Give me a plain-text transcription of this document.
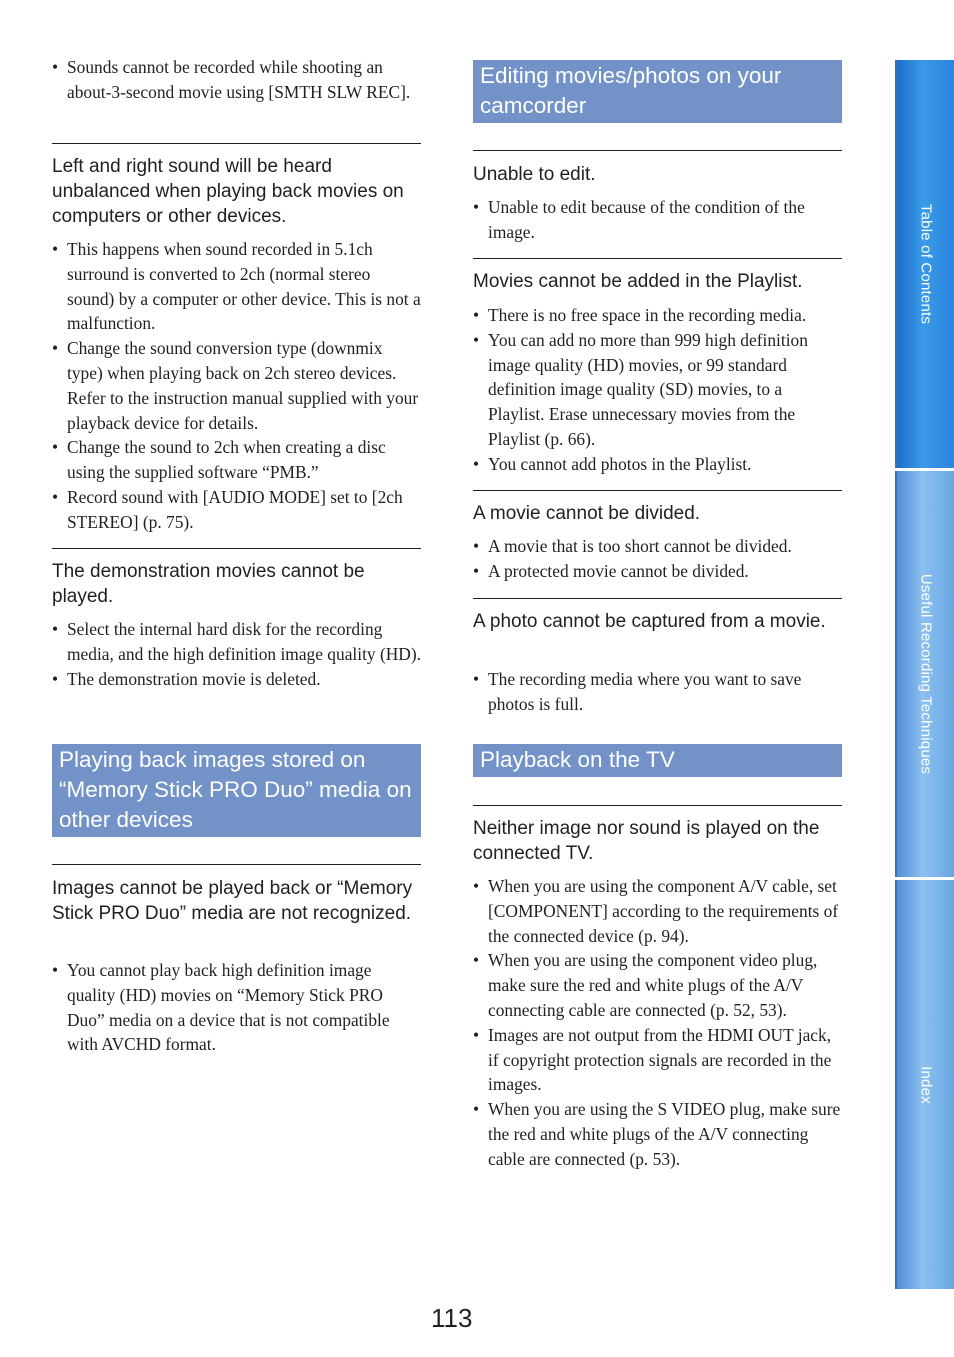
• Sounds cannot be recorded while shooting an about-3-second movie using [SMTH SLW REC].

Left and right sound will be heard unbalanced when playing back movies on computers or other devices.

• This happens when sound recorded in 5.1ch surround is converted to 2ch (normal stereo sound) by a computer or other device. This is not a malfunction.
• Change the sound conversion type (downmix type) when playing back on 2ch stereo devices. Refer to the instruction manual supplied with your playback device for details.
• Change the sound to 2ch when creating a disc using the supplied software “PMB.”
• Record sound with [AUDIO MODE] set to [2ch STEREO] (p. 75).

The demonstration movies cannot be played.

• Select the internal hard disk for the recording media, and the high definition image quality (HD).
• The demonstration movie is deleted.
Playing back images stored on “Memory Stick PRO Duo” media on other devices

Images cannot be played back or “Memory Stick PRO Duo” media are not recognized.

• You cannot play back high definition image quality (HD) movies on “Memory Stick PRO Duo” media on a device that is not compatible with AVCHD format.
Editing movies/photos on your camcorder

Unable to edit.

• Unable to edit because of the condition of the image.

Movies cannot be added in the Playlist.

• There is no free space in the recording media.
• You can add no more than 999 high definition image quality (HD) movies, or 99 standard definition image quality (SD) movies, to a Playlist. Erase unnecessary movies from the Playlist (p. 66).
• You cannot add photos in the Playlist.

A movie cannot be divided.

• A movie that is too short cannot be divided.
• A protected movie cannot be divided.

A photo cannot be captured from a movie.

• The recording media where you want to save photos is full.
Playback on the TV

Neither image nor sound is played on the connected TV.

• When you are using the component A/V cable, set [COMPONENT] according to the requirements of the connected device (p. 94).
• When you are using the component video plug, make sure the red and white plugs of the A/V connecting cable are connected (p. 52, 53).
• Images are not output from the HDMI OUT jack, if copyright protection signals are recorded in the images.
• When you are using the S VIDEO plug, make sure the red and white plugs of the A/V connecting cable are connected (p. 53).
Table of Contents
Useful Recording Techniques
Index
113
